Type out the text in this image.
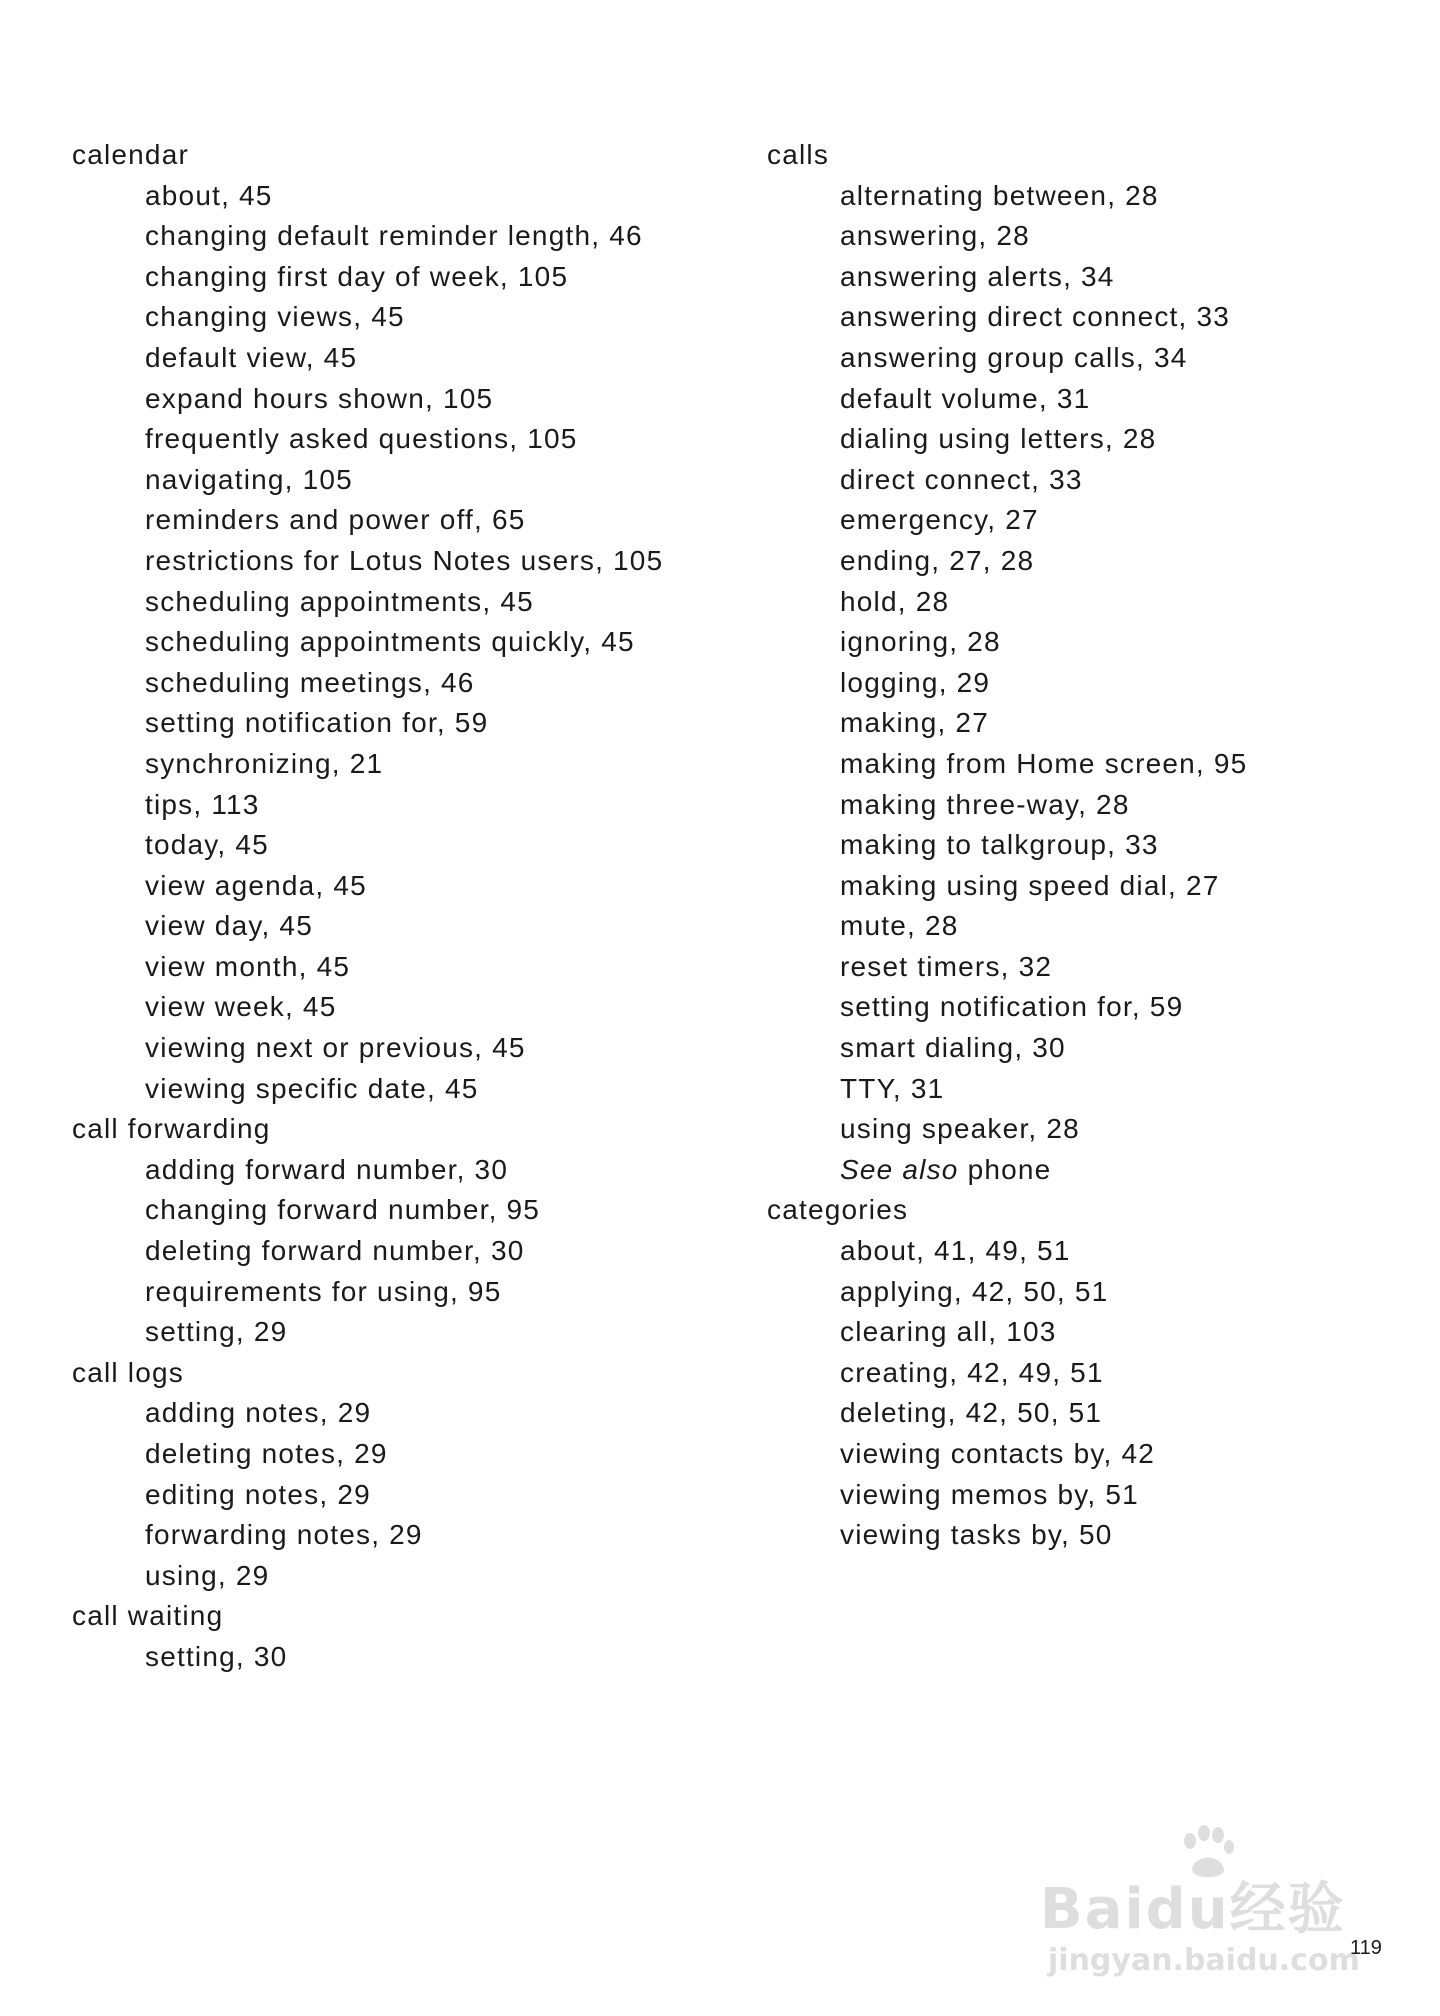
calendar
about, 45
changing default reminder length, 46
changing first day of week, 105
changing views, 45
default view, 45
expand hours shown, 105
frequently asked questions, 105
navigating, 105
reminders and power off, 65
restrictions for Lotus Notes users, 105
scheduling appointments, 45
scheduling appointments quickly, 45
scheduling meetings, 46
setting notification for, 59
synchronizing, 21
tips, 113
today, 45
view agenda, 45
view day, 45
view month, 45
view week, 45
viewing next or previous, 45
viewing specific date, 45
call forwarding
adding forward number, 30
changing forward number, 95
deleting forward number, 30
requirements for using, 95
setting, 29
call logs
adding notes, 29
deleting notes, 29
editing notes, 29
forwarding notes, 29
using, 29
call waiting
setting, 30
calls
alternating between, 28
answering, 28
answering alerts, 34
answering direct connect, 33
answering group calls, 34
default volume, 31
dialing using letters, 28
direct connect, 33
emergency, 27
ending, 27, 28
hold, 28
ignoring, 28
logging, 29
making, 27
making from Home screen, 95
making three-way, 28
making to talkgroup, 33
making using speed dial, 27
mute, 28
reset timers, 32
setting notification for, 59
smart dialing, 30
TTY, 31
using speaker, 28
See also phone
categories
about, 41, 49, 51
applying, 42, 50, 51
clearing all, 103
creating, 42, 49, 51
deleting, 42, 50, 51
viewing contacts by, 42
viewing memos by, 51
viewing tasks by, 50
119
Baidu经验
jingyan.baidu.com
